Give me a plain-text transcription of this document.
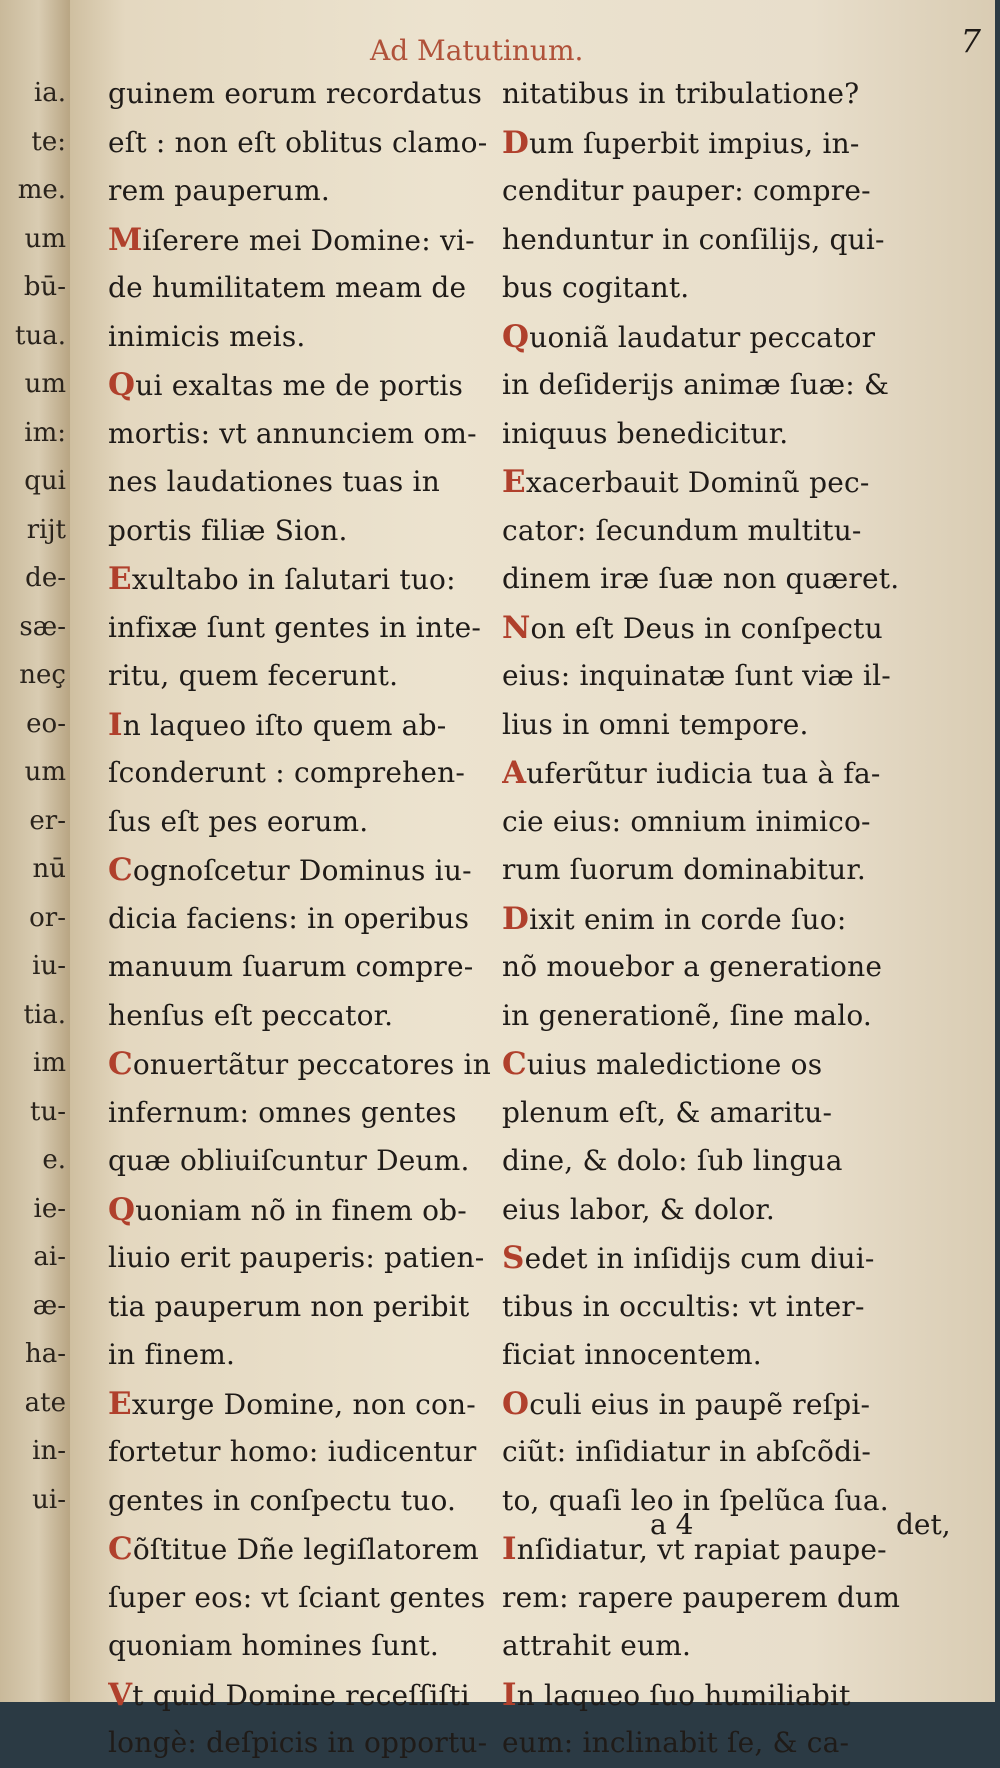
ia.
te:
me.
um
bū-
tua.
um
im:
qui
rijt
de-
sæ-
neç
eo-
um
er-
nū
or-
iu-
tia.
im
tu-
e.
ie-
ai-
æ-
ha-
ate
in-
ui-
Ad Matutinum.	7
guinem eorum recordatus
eſt : non eſt oblitus clamo-
rem pauperum.
Miſerere mei Domine: vi-
de humilitatem meam de
inimicis meis.
Qui exaltas me de portis
mortis: vt annunciem om-
nes laudationes tuas in
portis filiæ Sion.
Exultabo in ſalutari tuo:
infixæ ſunt gentes in inte-
ritu, quem fecerunt.
In laqueo iſto quem ab-
ſconderunt : comprehen-
ſus eſt pes eorum.
Cognoſcetur Dominus iu-
dicia faciens: in operibus
manuum ſuarum compre-
henſus eſt peccator.
Conuertãtur peccatores in
infernum: omnes gentes
quæ obliuiſcuntur Deum.
Quoniam nõ in finem ob-
liuio erit pauperis: patien-
tia pauperum non peribit
in finem.
Exurge Domine, non con-
fortetur homo: iudicentur
gentes in conſpectu tuo.
Cõſtitue Dñe legiſlatorem
ſuper eos: vt ſciant gentes
quoniam homines ſunt.
Vt quid Domine receſſiſti
longè: deſpicis in opportu-
nitatibus in tribulatione?
Dum ſuperbit impius, in-
cenditur pauper: compre-
henduntur in conſilijs, qui-
bus cogitant.
Quoniã laudatur peccator
in deſiderijs animæ ſuæ: &
iniquus benedicitur.
Exacerbauit Dominũ pec-
cator: ſecundum multitu-
dinem iræ ſuæ non quæret.
Non eſt Deus in conſpectu
eius: inquinatæ ſunt viæ il-
lius in omni tempore.
Auferũtur iudicia tua à fa-
cie eius: omnium inimico-
rum ſuorum dominabitur.
Dixit enim in corde ſuo:
nõ mouebor a generatione
in generationẽ, ſine malo.
Cuius maledictione os
plenum eſt, & amaritu-
dine, & dolo: ſub lingua
eius labor, & dolor.
Sedet in inſidijs cum diui-
tibus in occultis: vt inter-
ficiat innocentem.
Oculi eius in paupẽ reſpi-
ciũt: inſidiatur in abſcõdi-
to, quaſi leo in ſpelũca ſua.
Inſidiatur, vt rapiat paupe-
rem: rapere pauperem dum
attrahit eum.
In laqueo ſuo humiliabit
eum: inclinabit ſe, & ca-
a 4	det,
